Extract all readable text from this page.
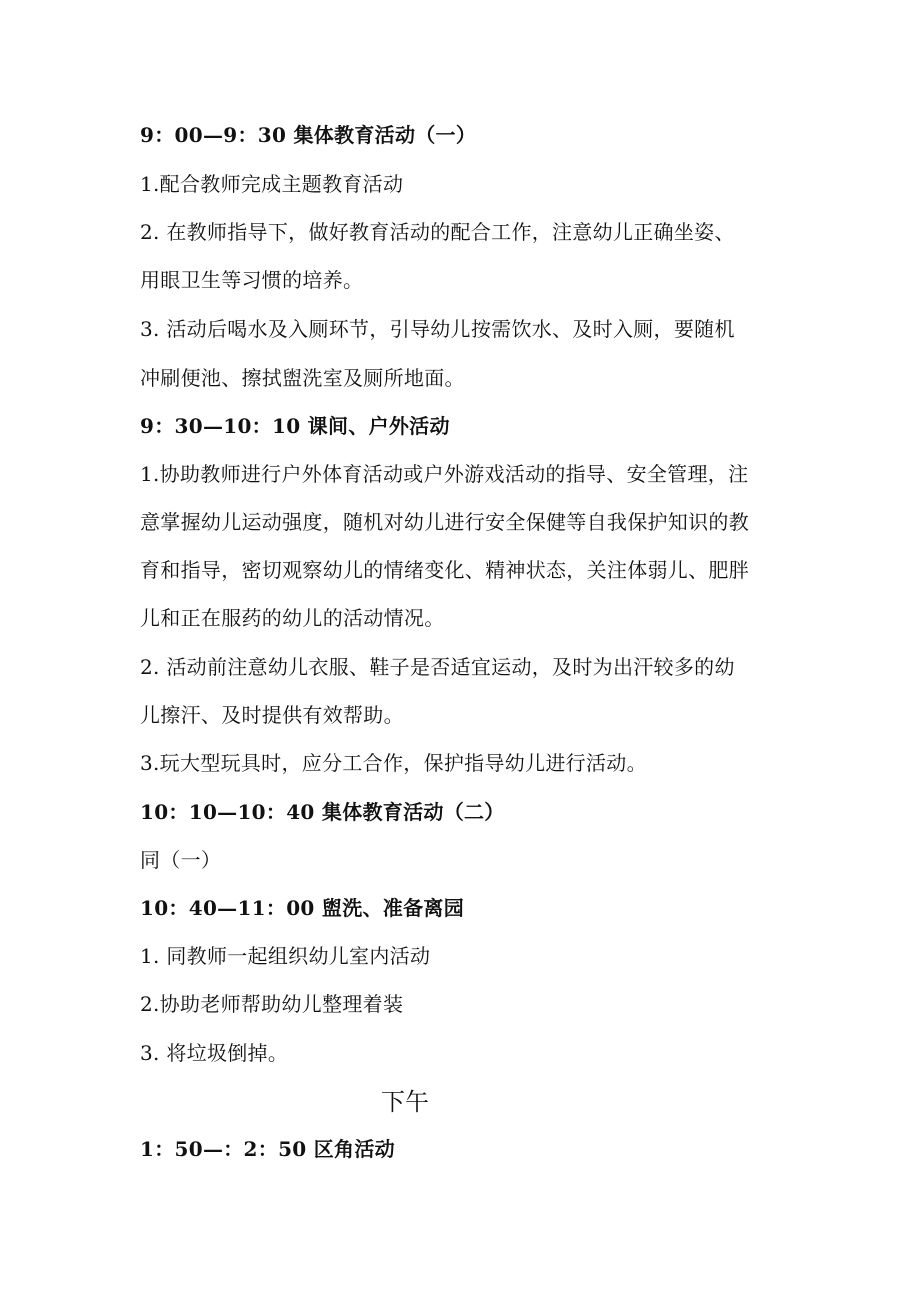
9：00—9：30 集体教育活动（一）
1.配合教师完成主题教育活动
2. 在教师指导下，做好教育活动的配合工作，注意幼儿正确坐姿、
用眼卫生等习惯的培养。
3. 活动后喝水及入厕环节，引导幼儿按需饮水、及时入厕，要随机
冲刷便池、擦拭盥洗室及厕所地面。
9：30—10：10 课间、户外活动
1.协助教师进行户外体育活动或户外游戏活动的指导、安全管理，注
意掌握幼儿运动强度，随机对幼儿进行安全保健等自我保护知识的教
育和指导，密切观察幼儿的情绪变化、精神状态，关注体弱儿、肥胖
儿和正在服药的幼儿的活动情况。
2. 活动前注意幼儿衣服、鞋子是否适宜运动，及时为出汗较多的幼
儿擦汗、及时提供有效帮助。
3.玩大型玩具时，应分工合作，保护指导幼儿进行活动。
10：10—10：40 集体教育活动（二）
同（一）
10：40—11：00 盥洗、准备离园
1. 同教师一起组织幼儿室内活动
2.协助老师帮助幼儿整理着装
3. 将垃圾倒掉。
下午
1：50—：2：50 区角活动
